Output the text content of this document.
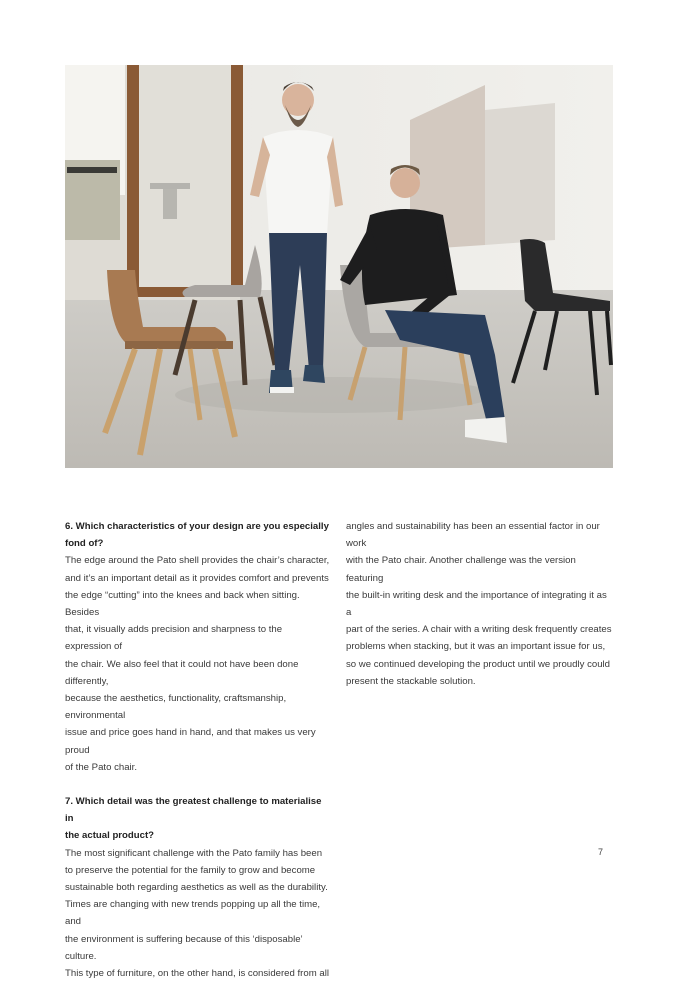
6. Which characteristics of your design are you especially
fond of?

The edge around the Pato shell provides the chair’s character,
and it’s an important detail as it provides comfort and prevents
the edge “cutting” into the knees and back when sitting. Besides
that, it visually adds precision and sharpness to the expression of
the chair. We also feel that it could not have been done differently,
because the aesthetics, functionality, craftsmanship, environmental
issue and price goes hand in hand, and that makes us very proud
of the Pato chair.

7. Which detail was the greatest challenge to materialise in
the actual product?

The most significant challenge with the Pato family has been
to preserve the potential for the family to grow and become
sustainable both regarding aesthetics as well as the durability.
Times are changing with new trends popping up all the time, and
the environment is suffering because of this ‘disposable’ culture.
This type of furniture, on the other hand, is considered from all

angles and sustainability has been an essential factor in our work
with the Pato chair. Another challenge was the version featuring
the built-in writing desk and the importance of integrating it as a
part of the series. A chair with a writing desk frequently creates
problems when stacking, but it was an important issue for us,
so we continued developing the product until we proudly could
present the stackable solution.

7
